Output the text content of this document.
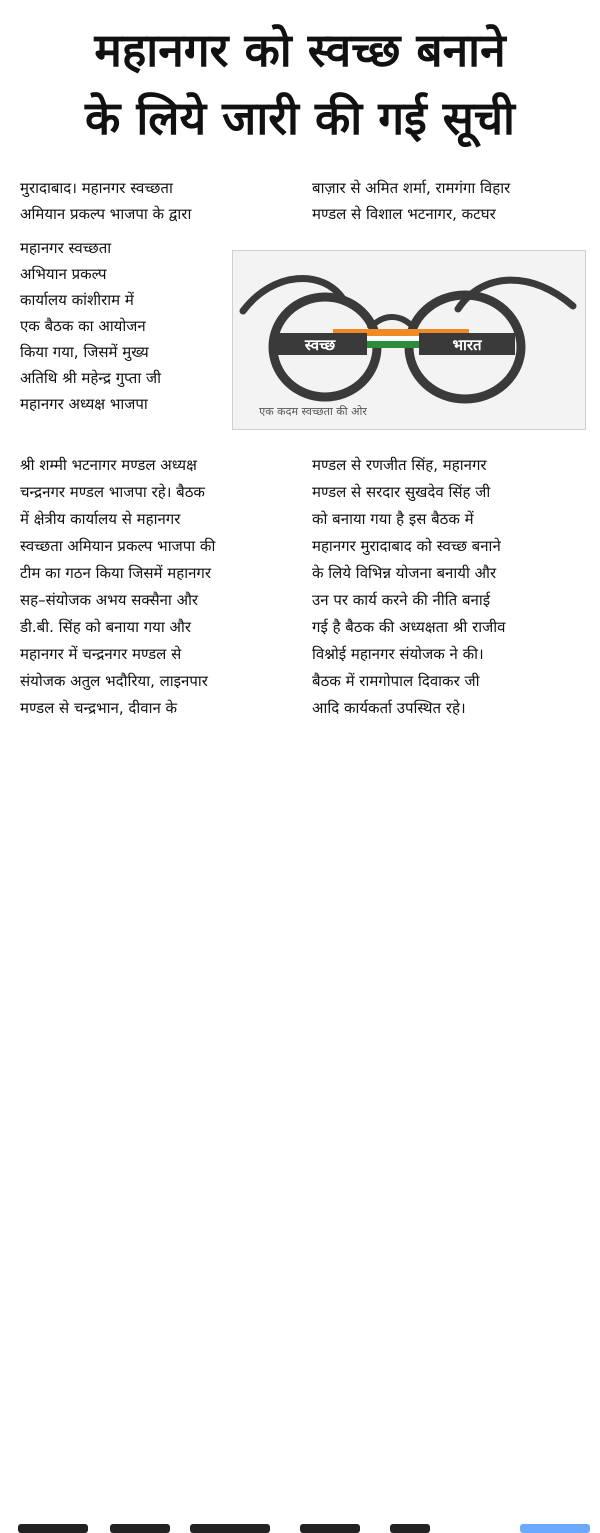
महानगर को स्वच्छ बनाने
के लिये जारी की गई सूची
मुरादाबाद। महानगर स्वच्छता
अमियान प्रकल्प भाजपा के द्वारा
महानगर स्वच्छता
अभियान प्रकल्प
कार्यालय कांशीराम में
एक बैठक का आयोजन
किया गया, जिसमें मुख्य
अतिथि श्री महेन्द्र गुप्ता जी
महानगर अध्यक्ष भाजपा
श्री शम्मी भटनागर मण्डल अध्यक्ष
चन्द्रनगर मण्डल भाजपा रहे। बैठक
में क्षेत्रीय कार्यालय से महानगर
स्वच्छता अमियान प्रकल्प भाजपा की
टीम का गठन किया जिसमें महानगर
सह–संयोजक अभय सक्सैना और
डी.बी. सिंह को बनाया गया और
महानगर में चन्द्रनगर मण्डल से
संयोजक अतुल भदौरिया, लाइनपार
मण्डल से चन्द्रभान, दीवान के
बाज़ार से अमित शर्मा, रामगंगा विहार
मण्डल से विशाल भटनागर, कटघर
स्वच्छ	भारत
एक कदम स्वच्छता की ओर
मण्डल से रणजीत सिंह, महानगर
मण्डल से सरदार सुखदेव सिंह जी
को बनाया गया है इस बैठक में
महानगर मुरादाबाद को स्वच्छ बनाने
के लिये विभिन्न योजना बनायी और
उन पर कार्य करने की नीति बनाई
गई है बैठक की अध्यक्षता श्री राजीव
विश्नोई महानगर संयोजक ने की।
बैठक में रामगोपाल दिवाकर जी
आदि कार्यकर्ता उपस्थित रहे।
